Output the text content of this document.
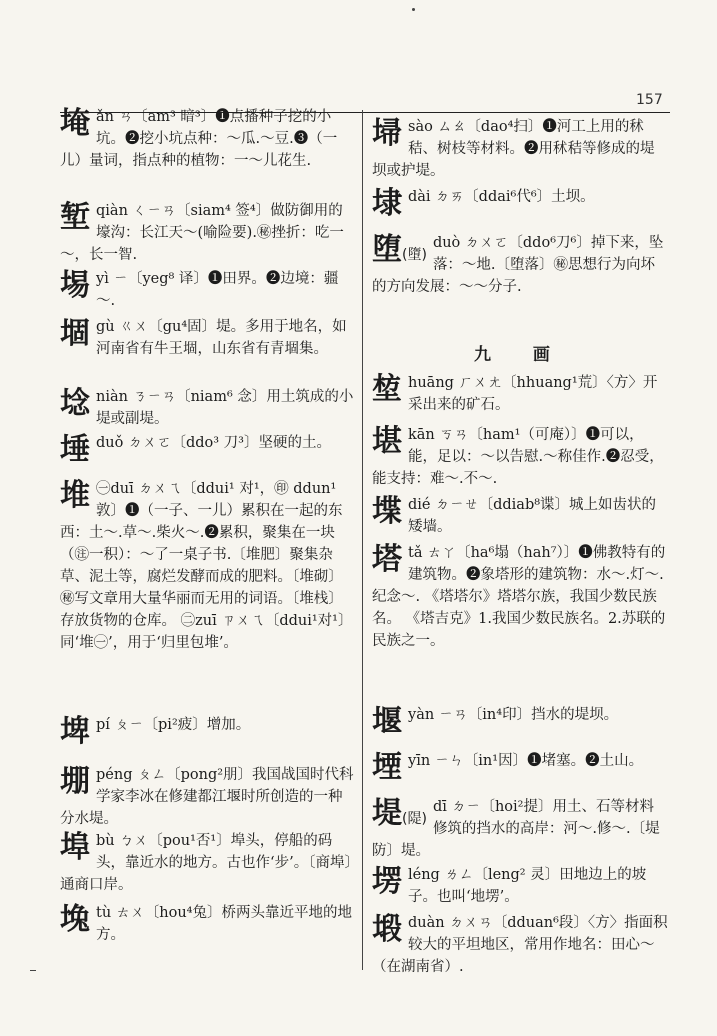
157
埯 ǎn ㄢ〔am³ 暗³〕❶点播种子挖的小坑。❷挖小坑点种：～瓜.～豆.❸（一儿）量词，指点种的植物：一～儿花生.
堑 qiàn ㄑㄧㄢ〔siam⁴ 签⁴〕做防御用的壕沟：长江天～(喻险要).㊙挫折：吃一～，长一智.
埸 yì ㄧ〔yeg⁸ 译〕❶田界。❷边境：疆～.
堌 gù ㄍㄨ〔gu⁴固〕堤。多用于地名，如河南省有牛王堌，山东省有青堌集。
埝 niàn ㄋㄧㄢ〔niam⁶ 念〕用土筑成的小堤或副堤。
埵 duǒ ㄉㄨㄛ〔ddo³ 刀³〕坚硬的土。
堆 ㊀duī ㄉㄨㄟ〔ddui¹ 对¹，㊞ ddun¹敦〕❶（一子、一儿）累积在一起的东西：土～.草～.柴火～.❷累积，聚集在一块（㊟一积）：～了一桌子书.〔堆肥〕聚集杂草、泥土等，腐烂发酵而成的肥料。〔堆砌〕㊙写文章用大量华丽而无用的词语。〔堆栈〕存放货物的仓库。 ㊁zuī ㄗㄨㄟ〔ddui¹对¹〕同‘堆㊀’，用于‘归里包堆’。
埤 pí ㄆㄧ〔pi²疲〕增加。
堋 péng ㄆㄥ〔pong²朋〕我国战国时代科学家李冰在修建都江堰时所创造的一种分水堤。
埠 bù ㄅㄨ〔pou¹否¹〕埠头，停船的码头，靠近水的地方。古也作‘步’。〔商埠〕通商口岸。
堍 tù ㄊㄨ〔hou⁴兔〕桥两头靠近平地的地方。
埽 sào ㄙㄠ〔dao⁴扫〕❶河工上用的秫秸、树枝等材料。❷用秫秸等修成的堤坝或护堤。
埭 dài ㄉㄞ〔ddai⁶代⁶〕土坝。
堕(墮)
duò ㄉㄨㄛ〔ddo⁶刀⁶〕掉下来，坠落：～地.〔堕落〕㊙思想行为向坏的方向发展：～～分子.
九 画
堏 huāng ㄏㄨㄤ〔hhuang¹荒〕〈方〉开采出来的矿石。
堪 kān ㄎㄢ〔ham¹（可庵）〕❶可以，能，足以：～以告慰.～称佳作.❷忍受，能支持：难～.不～.
堞 dié ㄉㄧㄝ〔ddiab⁸谍〕城上如齿状的矮墙。
塔 tǎ ㄊㄚ〔ha⁶塌（hah⁷）〕❶佛教特有的建筑物。❷象塔形的建筑物：水～.灯～.纪念～. 《塔塔尔》塔塔尔族，我国少数民族名。 《塔吉克》1.我国少数民族名。2.苏联的民族之一。
堰 yàn ㄧㄢ〔in⁴印〕挡水的堤坝。
堙 yīn ㄧㄣ〔in¹因〕❶堵塞。❷土山。
堤(隄)
dī ㄉㄧ〔hoi²提〕用土、石等材料修筑的挡水的高岸：河～.修～.〔堤防〕堤。
塄 léng ㄌㄥ〔leng² 灵〕田地边上的坡子。也叫‘地塄’。
塅 duàn ㄉㄨㄢ〔dduan⁶段〕〈方〉指面积较大的平坦地区，常用作地名：田心～（在湖南省）.
